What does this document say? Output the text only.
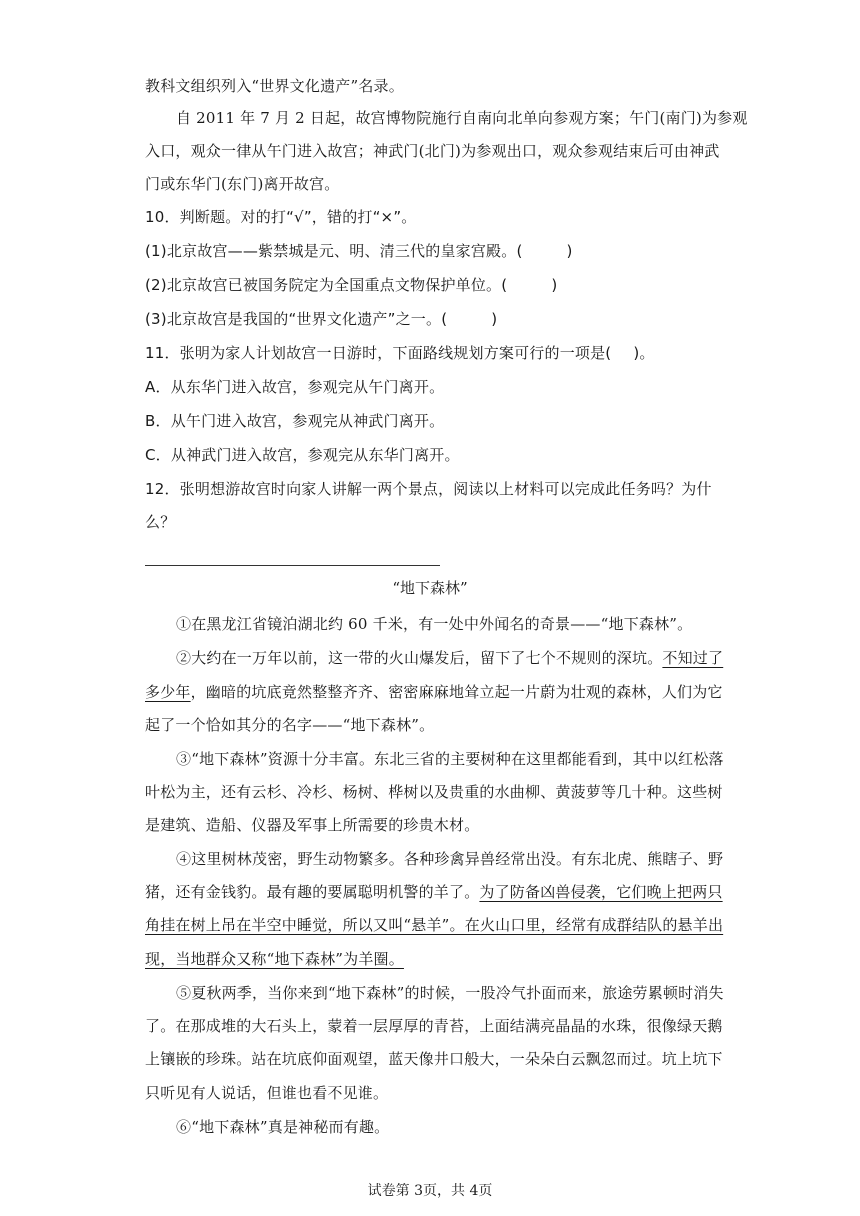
教科文组织列入“世界文化遗产”名录。
自 2011 年 7 月 2 日起，故宫博物院施行自南向北单向参观方案；午门(南门)为参观
入口，观众一律从午门进入故宫；神武门(北门)为参观出口，观众参观结束后可由神武
门或东华门(东门)离开故宫。
10．判断题。对的打“√”，错的打“×”。
(1)北京故宫——紫禁城是元、明、清三代的皇家宫殿。(	)
(2)北京故宫已被国务院定为全国重点文物保护单位。(	)
(3)北京故宫是我国的“世界文化遗产”之一。(	)
11．张明为家人计划故宫一日游时，下面路线规划方案可行的一项是( )。
A．从东华门进入故宫，参观完从午门离开。
B．从午门进入故宫，参观完从神武门离开。
C．从神武门进入故宫，参观完从东华门离开。
12．张明想游故宫时向家人讲解一两个景点，阅读以上材料可以完成此任务吗？为什
么？
“地下森林”
①在黑龙江省镜泊湖北约 60 千米，有一处中外闻名的奇景——“地下森林”。
②大约在一万年以前，这一带的火山爆发后，留下了七个不规则的深坑。不知过了
多少年，幽暗的坑底竟然整整齐齐、密密麻麻地耸立起一片蔚为壮观的森林，人们为它
起了一个恰如其分的名字——“地下森林”。
③“地下森林”资源十分丰富。东北三省的主要树种在这里都能看到，其中以红松落
叶松为主，还有云杉、冷杉、杨树、桦树以及贵重的水曲柳、黄菠萝等几十种。这些树
是建筑、造船、仪器及军事上所需要的珍贵木材。
④这里树林茂密，野生动物繁多。各种珍禽异兽经常出没。有东北虎、熊瞎子、野
猪，还有金钱豹。最有趣的要属聪明机警的羊了。为了防备凶兽侵袭，它们晚上把两只
角挂在树上吊在半空中睡觉，所以又叫“悬羊”。在火山口里，经常有成群结队的悬羊出
现，当地群众又称“地下森林”为羊圈。
⑤夏秋两季，当你来到“地下森林”的时候，一股冷气扑面而来，旅途劳累顿时消失
了。在那成堆的大石头上，蒙着一层厚厚的青苔，上面结满亮晶晶的水珠，很像绿天鹅
上镶嵌的珍珠。站在坑底仰面观望，蓝天像井口般大，一朵朵白云飘忽而过。坑上坑下
只听见有人说话，但谁也看不见谁。
⑥“地下森林”真是神秘而有趣。
试卷第 3页，共 4页
